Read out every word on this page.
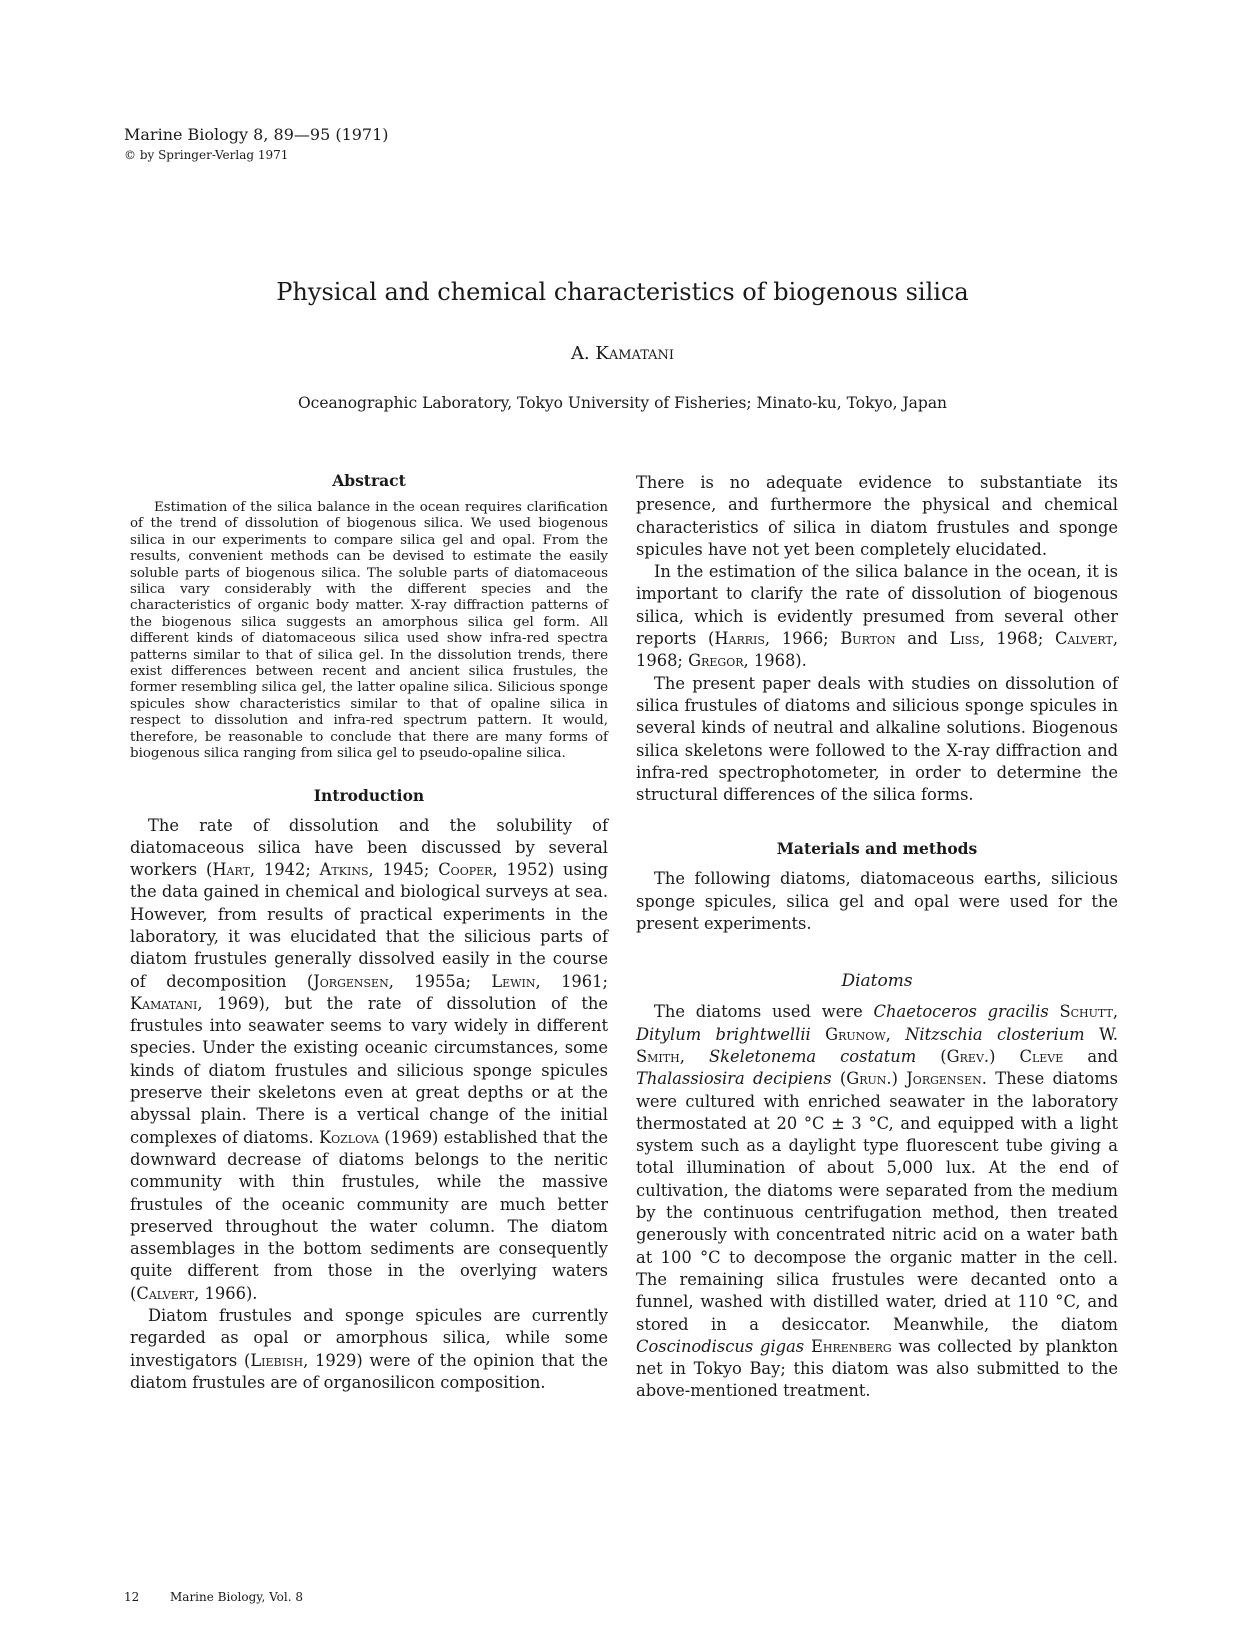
Marine Biology 8, 89—95 (1971)
© by Springer-Verlag 1971
Physical and chemical characteristics of biogenous silica
A. Kamatani
Oceanographic Laboratory, Tokyo University of Fisheries; Minato-ku, Tokyo, Japan
Abstract

Estimation of the silica balance in the ocean requires clarification of the trend of dissolution of biogenous silica. We used biogenous silica in our experiments to compare silica gel and opal. From the results, convenient methods can be devised to estimate the easily soluble parts of biogenous silica. The soluble parts of diatomaceous silica vary considerably with the different species and the characteristics of organic body matter. X-ray diffraction patterns of the biogenous silica suggests an amorphous silica gel form. All different kinds of diatomaceous silica used show infra-red spectra patterns similar to that of silica gel. In the dissolution trends, there exist differences between recent and ancient silica frustules, the former resembling silica gel, the latter opaline silica. Silicious sponge spicules show characteristics similar to that of opaline silica in respect to dissolution and infra-red spectrum pattern. It would, therefore, be reasonable to conclude that there are many forms of biogenous silica ranging from silica gel to pseudo-opaline silica.

Introduction

The rate of dissolution and the solubility of diatomaceous silica have been discussed by several workers (Hart, 1942; Atkins, 1945; Cooper, 1952) using the data gained in chemical and biological surveys at sea. However, from results of practical experiments in the laboratory, it was elucidated that the silicious parts of diatom frustules generally dissolved easily in the course of decomposition (Jorgensen, 1955a; Lewin, 1961; Kamatani, 1969), but the rate of dissolution of the frustules into seawater seems to vary widely in different species. Under the existing oceanic circumstances, some kinds of diatom frustules and silicious sponge spicules preserve their skeletons even at great depths or at the abyssal plain. There is a vertical change of the initial complexes of diatoms. Kozlova (1969) established that the downward decrease of diatoms belongs to the neritic community with thin frustules, while the massive frustules of the oceanic community are much better preserved throughout the water column. The diatom assemblages in the bottom sediments are consequently quite different from those in the overlying waters (Calvert, 1966).

Diatom frustules and sponge spicules are currently regarded as opal or amorphous silica, while some investigators (Liebish, 1929) were of the opinion that the diatom frustules are of organosilicon composition.

There is no adequate evidence to substantiate its presence, and furthermore the physical and chemical characteristics of silica in diatom frustules and sponge spicules have not yet been completely elucidated.

In the estimation of the silica balance in the ocean, it is important to clarify the rate of dissolution of biogenous silica, which is evidently presumed from several other reports (Harris, 1966; Burton and Liss, 1968; Calvert, 1968; Gregor, 1968).

The present paper deals with studies on dissolution of silica frustules of diatoms and silicious sponge spicules in several kinds of neutral and alkaline solutions. Biogenous silica skeletons were followed to the X-ray diffraction and infra-red spectrophotometer, in order to determine the structural differences of the silica forms.

Materials and methods

The following diatoms, diatomaceous earths, silicious sponge spicules, silica gel and opal were used for the present experiments.

Diatoms

The diatoms used were Chaetoceros gracilis Schutt, Ditylum brightwellii Grunow, Nitzschia closterium W. Smith, Skeletonema costatum (Grev.) Cleve and Thalassiosira decipiens (Grun.) Jorgensen. These diatoms were cultured with enriched seawater in the laboratory thermostated at 20 °C ± 3 °C, and equipped with a light system such as a daylight type fluorescent tube giving a total illumination of about 5,000 lux. At the end of cultivation, the diatoms were separated from the medium by the continuous centrifugation method, then treated generously with concentrated nitric acid on a water bath at 100 °C to decompose the organic matter in the cell. The remaining silica frustules were decanted onto a funnel, washed with distilled water, dried at 110 °C, and stored in a desiccator. Meanwhile, the diatom Coscinodiscus gigas Ehrenberg was collected by plankton net in Tokyo Bay; this diatom was also submitted to the above-mentioned treatment.

12	Marine Biology, Vol. 8
